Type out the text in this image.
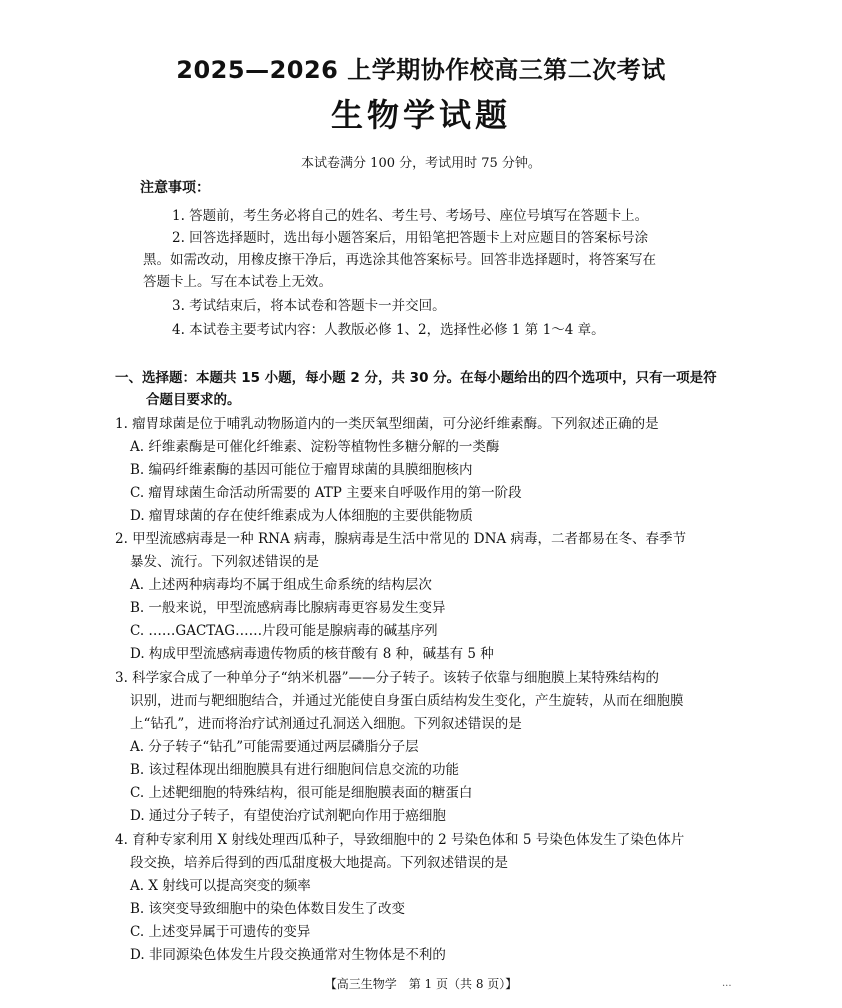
2025—2026 上学期协作校高三第二次考试
生物学试题
本试卷满分 100 分，考试用时 75 分钟。
注意事项：
1. 答题前，考生务必将自己的姓名、考生号、考场号、座位号填写在答题卡上。
2. 回答选择题时，选出每小题答案后，用铅笔把答题卡上对应题目的答案标号涂
黑。如需改动，用橡皮擦干净后，再选涂其他答案标号。回答非选择题时，将答案写在
答题卡上。写在本试卷上无效。
3. 考试结束后，将本试卷和答题卡一并交回。
4. 本试卷主要考试内容：人教版必修 1、2，选择性必修 1 第 1～4 章。
一、选择题：本题共 15 小题，每小题 2 分，共 30 分。在每小题给出的四个选项中，只有一项是符
合题目要求的。
1. 瘤胃球菌是位于哺乳动物肠道内的一类厌氧型细菌，可分泌纤维素酶。下列叙述正确的是
A. 纤维素酶是可催化纤维素、淀粉等植物性多糖分解的一类酶
B. 编码纤维素酶的基因可能位于瘤胃球菌的具膜细胞核内
C. 瘤胃球菌生命活动所需要的 ATP 主要来自呼吸作用的第一阶段
D. 瘤胃球菌的存在使纤维素成为人体细胞的主要供能物质
2. 甲型流感病毒是一种 RNA 病毒，腺病毒是生活中常见的 DNA 病毒，二者都易在冬、春季节
暴发、流行。下列叙述错误的是
A. 上述两种病毒均不属于组成生命系统的结构层次
B. 一般来说，甲型流感病毒比腺病毒更容易发生变异
C. ……GACTAG……片段可能是腺病毒的碱基序列
D. 构成甲型流感病毒遗传物质的核苷酸有 8 种，碱基有 5 种
3. 科学家合成了一种单分子“纳米机器”——分子转子。该转子依靠与细胞膜上某特殊结构的
识别，进而与靶细胞结合，并通过光能使自身蛋白质结构发生变化，产生旋转，从而在细胞膜
上“钻孔”，进而将治疗试剂通过孔洞送入细胞。下列叙述错误的是
A. 分子转子“钻孔”可能需要通过两层磷脂分子层
B. 该过程体现出细胞膜具有进行细胞间信息交流的功能
C. 上述靶细胞的特殊结构，很可能是细胞膜表面的糖蛋白
D. 通过分子转子，有望使治疗试剂靶向作用于癌细胞
4. 育种专家利用 X 射线处理西瓜种子，导致细胞中的 2 号染色体和 5 号染色体发生了染色体片
段交换，培养后得到的西瓜甜度极大地提高。下列叙述错误的是
A. X 射线可以提高突变的频率
B. 该突变导致细胞中的染色体数目发生了改变
C. 上述变异属于可遗传的变异
D. 非同源染色体发生片段交换通常对生物体是不利的
【高三生物学　第 1 页（共 8 页）】	...
